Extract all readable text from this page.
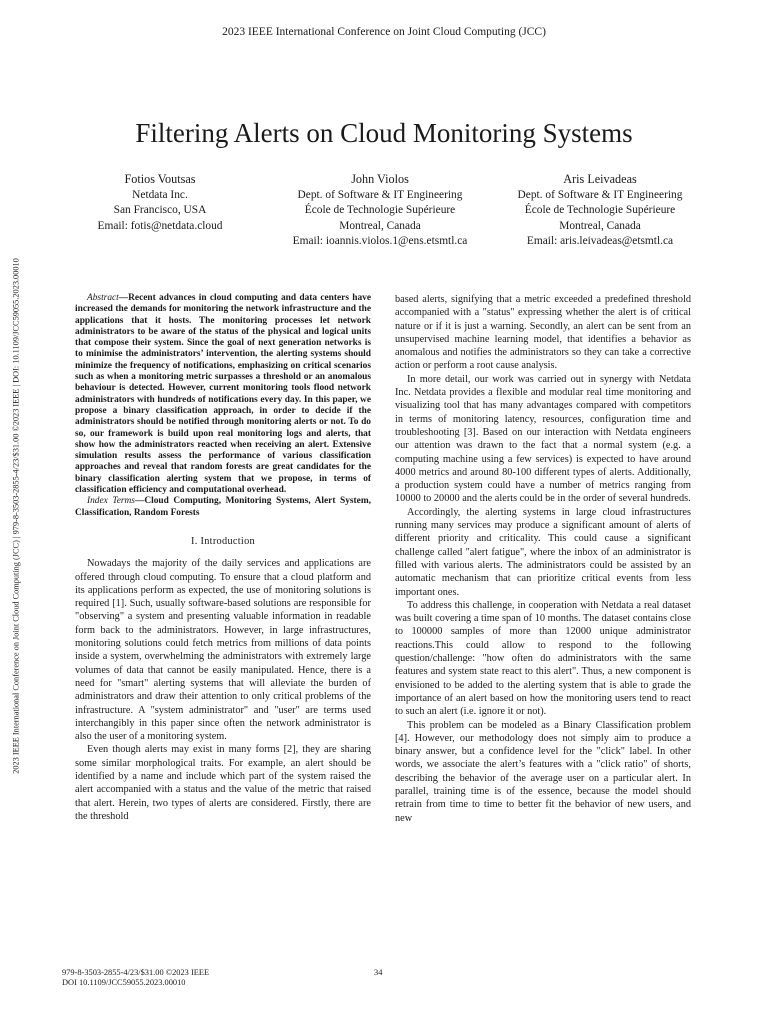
2023 IEEE International Conference on Joint Cloud Computing (JCC)
2023 IEEE International Conference on Joint Cloud Computing (JCC) | 979-8-3503-2855-4/23/$31.00 ©2023 IEEE | DOI: 10.1109/JCC59055.2023.00010
Filtering Alerts on Cloud Monitoring Systems
Fotios Voutsas
Netdata Inc.
San Francisco, USA
Email: fotis@netdata.cloud
John Violos
Dept. of Software & IT Engineering
École de Technologie Supérieure
Montreal, Canada
Email: ioannis.violos.1@ens.etsmtl.ca
Aris Leivadeas
Dept. of Software & IT Engineering
École de Technologie Supérieure
Montreal, Canada
Email: aris.leivadeas@etsmtl.ca

Abstract—Recent advances in cloud computing and data centers have increased the demands for monitoring the network infrastructure and the applications that it hosts. The monitoring processes let network administrators to be aware of the status of the physical and logical units that compose their system. Since the goal of next generation networks is to minimise the administrators’ intervention, the alerting systems should minimize the frequency of notifications, emphasizing on critical scenarios such as when a monitoring metric surpasses a threshold or an anomalous behaviour is detected. However, current monitoring tools flood network administrators with hundreds of notifications every day. In this paper, we propose a binary classification approach, in order to decide if the administrators should be notified through monitoring alerts or not. To do so, our framework is build upon real monitoring logs and alerts, that show how the administrators reacted when receiving an alert. Extensive simulation results assess the performance of various classification approaches and reveal that random forests are great candidates for the binary classification alerting system that we propose, in terms of classification efficiency and computational overhead.

Index Terms—Cloud Computing, Monitoring Systems, Alert System, Classification, Random Forests

I. Introduction

Nowadays the majority of the daily services and applications are offered through cloud computing. To ensure that a cloud platform and its applications perform as expected, the use of monitoring solutions is required [1]. Such, usually software-based solutions are responsible for "observing" a system and presenting valuable information in readable form back to the administrators. However, in large infrastructures, monitoring solutions could fetch metrics from millions of data points inside a system, overwhelming the administrators with extremely large volumes of data that cannot be easily manipulated. Hence, there is a need for "smart" alerting systems that will alleviate the burden of administrators and draw their attention to only critical problems of the infrastructure. A "system administrator" and "user" are terms used interchangibly in this paper since often the network administrator is also the user of a monitoring system.

Even though alerts may exist in many forms [2], they are sharing some similar morphological traits. For example, an alert should be identified by a name and include which part of the system raised the alert accompanied with a status and the value of the metric that raised that alert. Herein, two types of alerts are considered. Firstly, there are the threshold

based alerts, signifying that a metric exceeded a predefined threshold accompanied with a "status" expressing whether the alert is of critical nature or if it is just a warning. Secondly, an alert can be sent from an unsupervised machine learning model, that identifies a behavior as anomalous and notifies the administrators so they can take a corrective action or perform a root cause analysis.

In more detail, our work was carried out in synergy with Netdata Inc. Netdata provides a flexible and modular real time monitoring and visualizing tool that has many advantages compared with competitors in terms of monitoring latency, resources, configuration time and troubleshooting [3]. Based on our interaction with Netdata engineers our attention was drawn to the fact that a normal system (e.g. a computing machine using a few services) is expected to have around 4000 metrics and around 80-100 different types of alerts. Additionally, a production system could have a number of metrics ranging from 10000 to 20000 and the alerts could be in the order of several hundreds.

Accordingly, the alerting systems in large cloud infrastructures running many services may produce a significant amount of alerts of different priority and criticality. This could cause a significant challenge called "alert fatigue", where the inbox of an administrator is filled with various alerts. The administrators could be assisted by an automatic mechanism that can prioritize critical events from less important ones.

To address this challenge, in cooperation with Netdata a real dataset was built covering a time span of 10 months. The dataset contains close to 100000 samples of more than 12000 unique administrator reactions.This could allow to respond to the following question/challenge: "how often do administrators with the same features and system state react to this alert". Thus, a new component is envisioned to be added to the alerting system that is able to grade the importance of an alert based on how the monitoring users tend to react to such an alert (i.e. ignore it or not).

This problem can be modeled as a Binary Classification problem [4]. However, our methodology does not simply aim to produce a binary answer, but a confidence level for the "click" label. In other words, we associate the alert’s features with a "click ratio" of shorts, describing the behavior of the average user on a particular alert. In parallel, training time is of the essence, because the model should retrain from time to time to better fit the behavior of new users, and new

979-8-3503-2855-4/23/$31.00 ©2023 IEEE
DOI 10.1109/JCC59055.2023.00010
34
